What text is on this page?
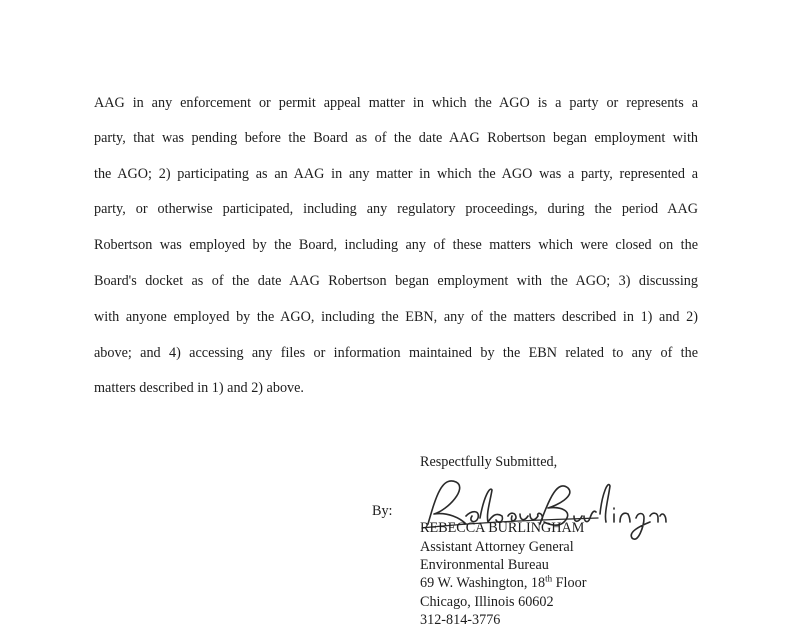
AAG in any enforcement or permit appeal matter in which the AGO is a party or represents a
party, that was pending before the Board as of the date AAG Robertson began employment with
the AGO; 2) participating as an AAG in any matter in which the AGO was a party, represented a
party, or otherwise participated, including any regulatory proceedings, during the period AAG
Robertson was employed by the Board, including any of these matters which were closed on the
Board's docket as of the date AAG Robertson began employment with the AGO; 3) discussing
with anyone employed by the AGO, including the EBN, any of the matters described in 1) and 2)
above; and 4) accessing any files or information maintained by the EBN related to any of the
matters described in 1) and 2) above.
Respectfully Submitted,
By:
REBECCA BURLINGHAM
Assistant Attorney General
Environmental Bureau
69 W. Washington, 18th Floor
Chicago, Illinois 60602
312-814-3776
